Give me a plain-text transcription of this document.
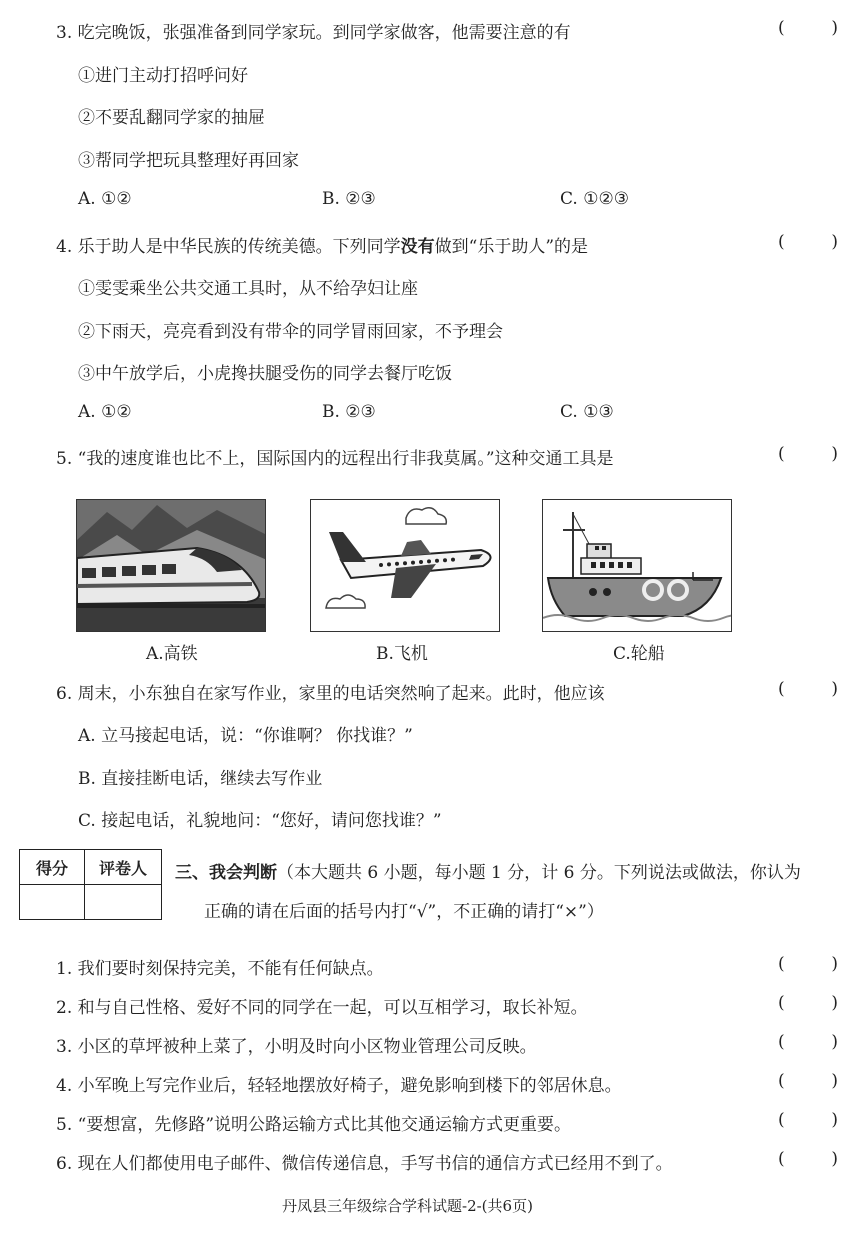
3. 吃完晚饭，张强准备到同学家玩。到同学家做客，他需要注意的有	(	)
①进门主动打招呼问好
②不要乱翻同学家的抽屉
③帮同学把玩具整理好再回家
A. ①②	B. ②③	C. ①②③
4. 乐于助人是中华民族的传统美德。下列同学没有做到“乐于助人”的是	(	)
①雯雯乘坐公共交通工具时，从不给孕妇让座
②下雨天，亮亮看到没有带伞的同学冒雨回家，不予理会
③中午放学后，小虎搀扶腿受伤的同学去餐厅吃饭
A. ①②	B. ②③	C. ①③
5. “我的速度谁也比不上，国际国内的远程出行非我莫属。”这种交通工具是	(	)
A.高铁	B.飞机	C.轮船
6. 周末，小东独自在家写作业，家里的电话突然响了起来。此时，他应该	(	)
A. 立马接起电话，说：“你谁啊？ 你找谁？”
B. 直接挂断电话，继续去写作业
C. 接起电话，礼貌地问：“您好，请问您找谁？”
得分	评卷人
	三、我会判断（本大题共 6 小题，每小题 1 分，计 6 分。下列说法或做法，你认为
正确的请在后面的括号内打“√”，不正确的请打“×”）
1. 我们要时刻保持完美，不能有任何缺点。	(	)
2. 和与自己性格、爱好不同的同学在一起，可以互相学习，取长补短。	(	)
3. 小区的草坪被种上菜了，小明及时向小区物业管理公司反映。	(	)
4. 小军晚上写完作业后，轻轻地摆放好椅子，避免影响到楼下的邻居休息。	(	)
5. “要想富，先修路”说明公路运输方式比其他交通运输方式更重要。	(	)
6. 现在人们都使用电子邮件、微信传递信息，手写书信的通信方式已经用不到了。	(	)
丹凤县三年级综合学科试题-2-(共6页)
